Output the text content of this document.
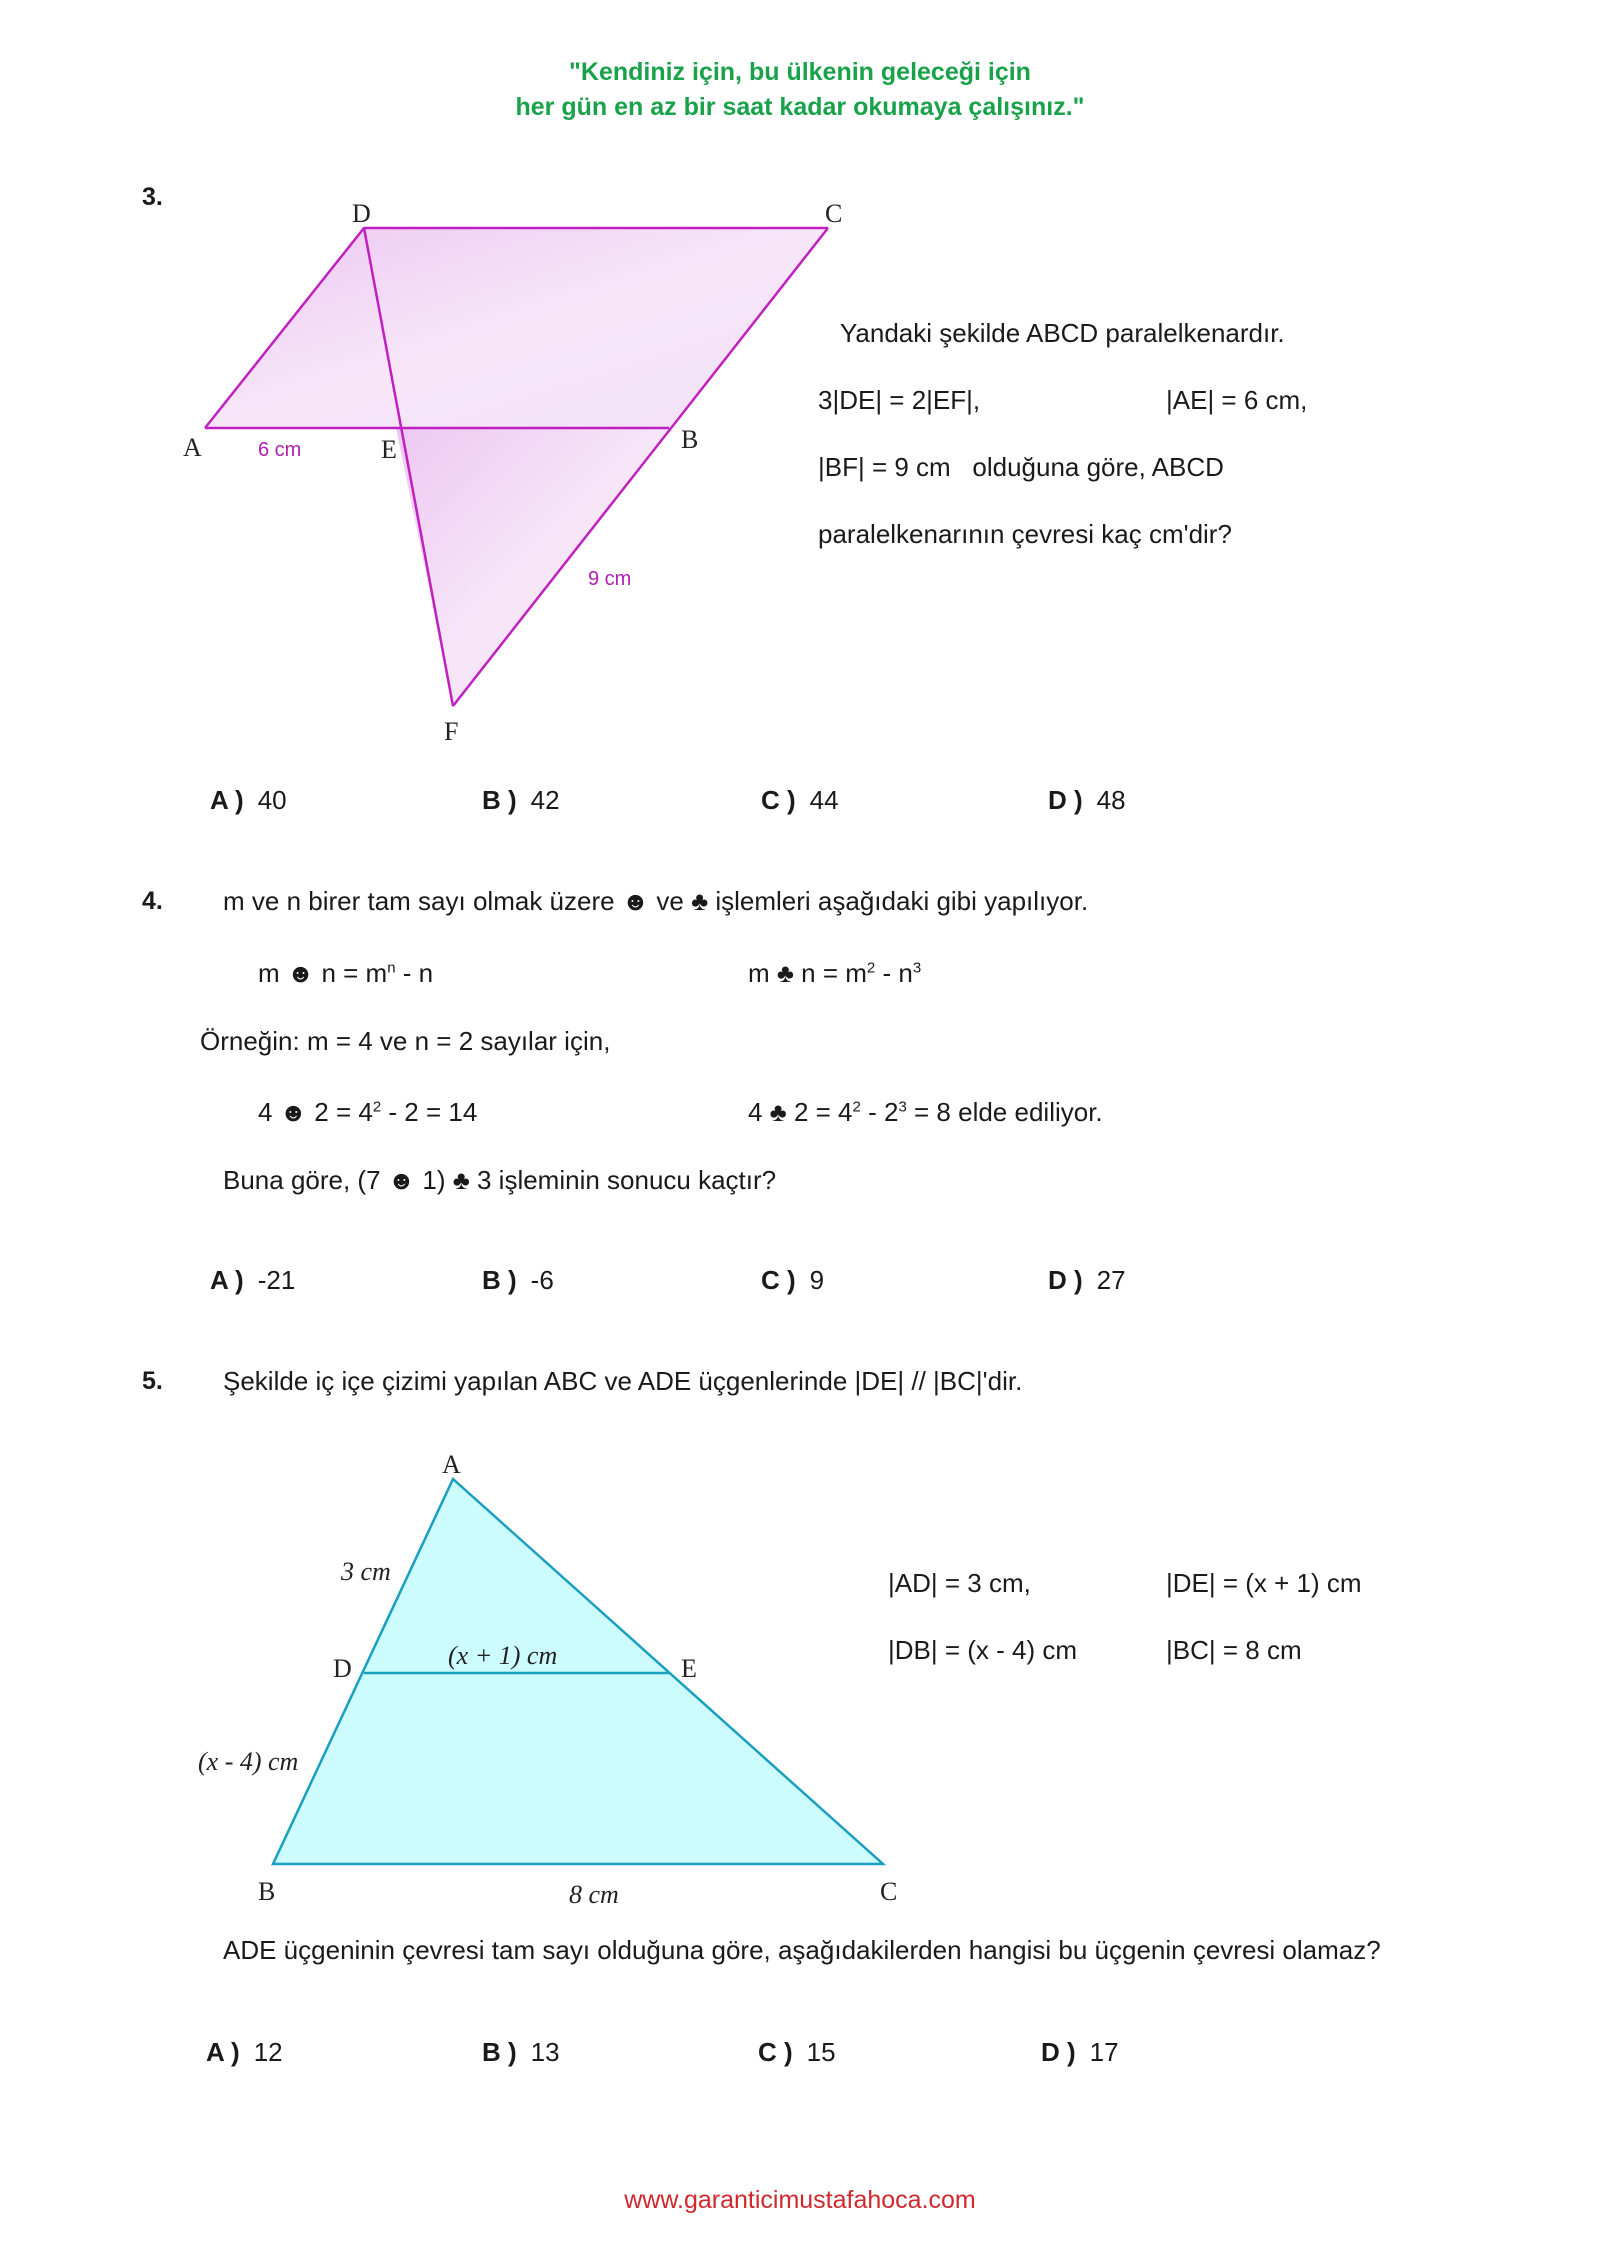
"Kendiniz için, bu ülkenin geleceği için
her gün en az bir saat kadar okumaya çalışınız."
3.
D	C
A	E	B
F
6 cm
9 cm
Yandaki şekilde ABCD paralelkenardır.
3|DE| = 2|EF|,	|AE| = 6 cm,
|BF| = 9 cm   olduğuna göre, ABCD
paralelkenarının çevresi kaç cm'dir?
A ) 40	B ) 42	C ) 44	D ) 48
4. m ve n birer tam sayı olmak üzere ☻ ve ♣ işlemleri aşağıdaki gibi yapılıyor.
m ☻ $n = m^n - n$	m ♣ $n = m^2 - n^3$
Örneğin: m = 4 ve n = 2 sayılar için,
4 ☻ $2 = 4^2 - 2 = 14$	4 ♣ $2 = 4^2 - 2^3 = 8$ elde ediliyor.
Buna göre, (7 ☻ 1) ♣ 3 işleminin sonucu kaçtır?
A ) -21	B ) -6	C ) 9	D ) 27
5. Şekilde iç içe çizimi yapılan ABC ve ADE üçgenlerinde |DE| // |BC|'dir.
A
D	E
B	C
3 cm
(x + 1) cm
(x - 4) cm
8 cm
|AD| = 3 cm,	|DE| = (x + 1) cm
|DB| = (x - 4) cm	|BC| = 8 cm
ADE üçgeninin çevresi tam sayı olduğuna göre, aşağıdakilerden hangisi bu üçgenin çevresi olamaz?
A ) 12	B ) 13	C ) 15	D ) 17
www.garanticimustafahoca.com
